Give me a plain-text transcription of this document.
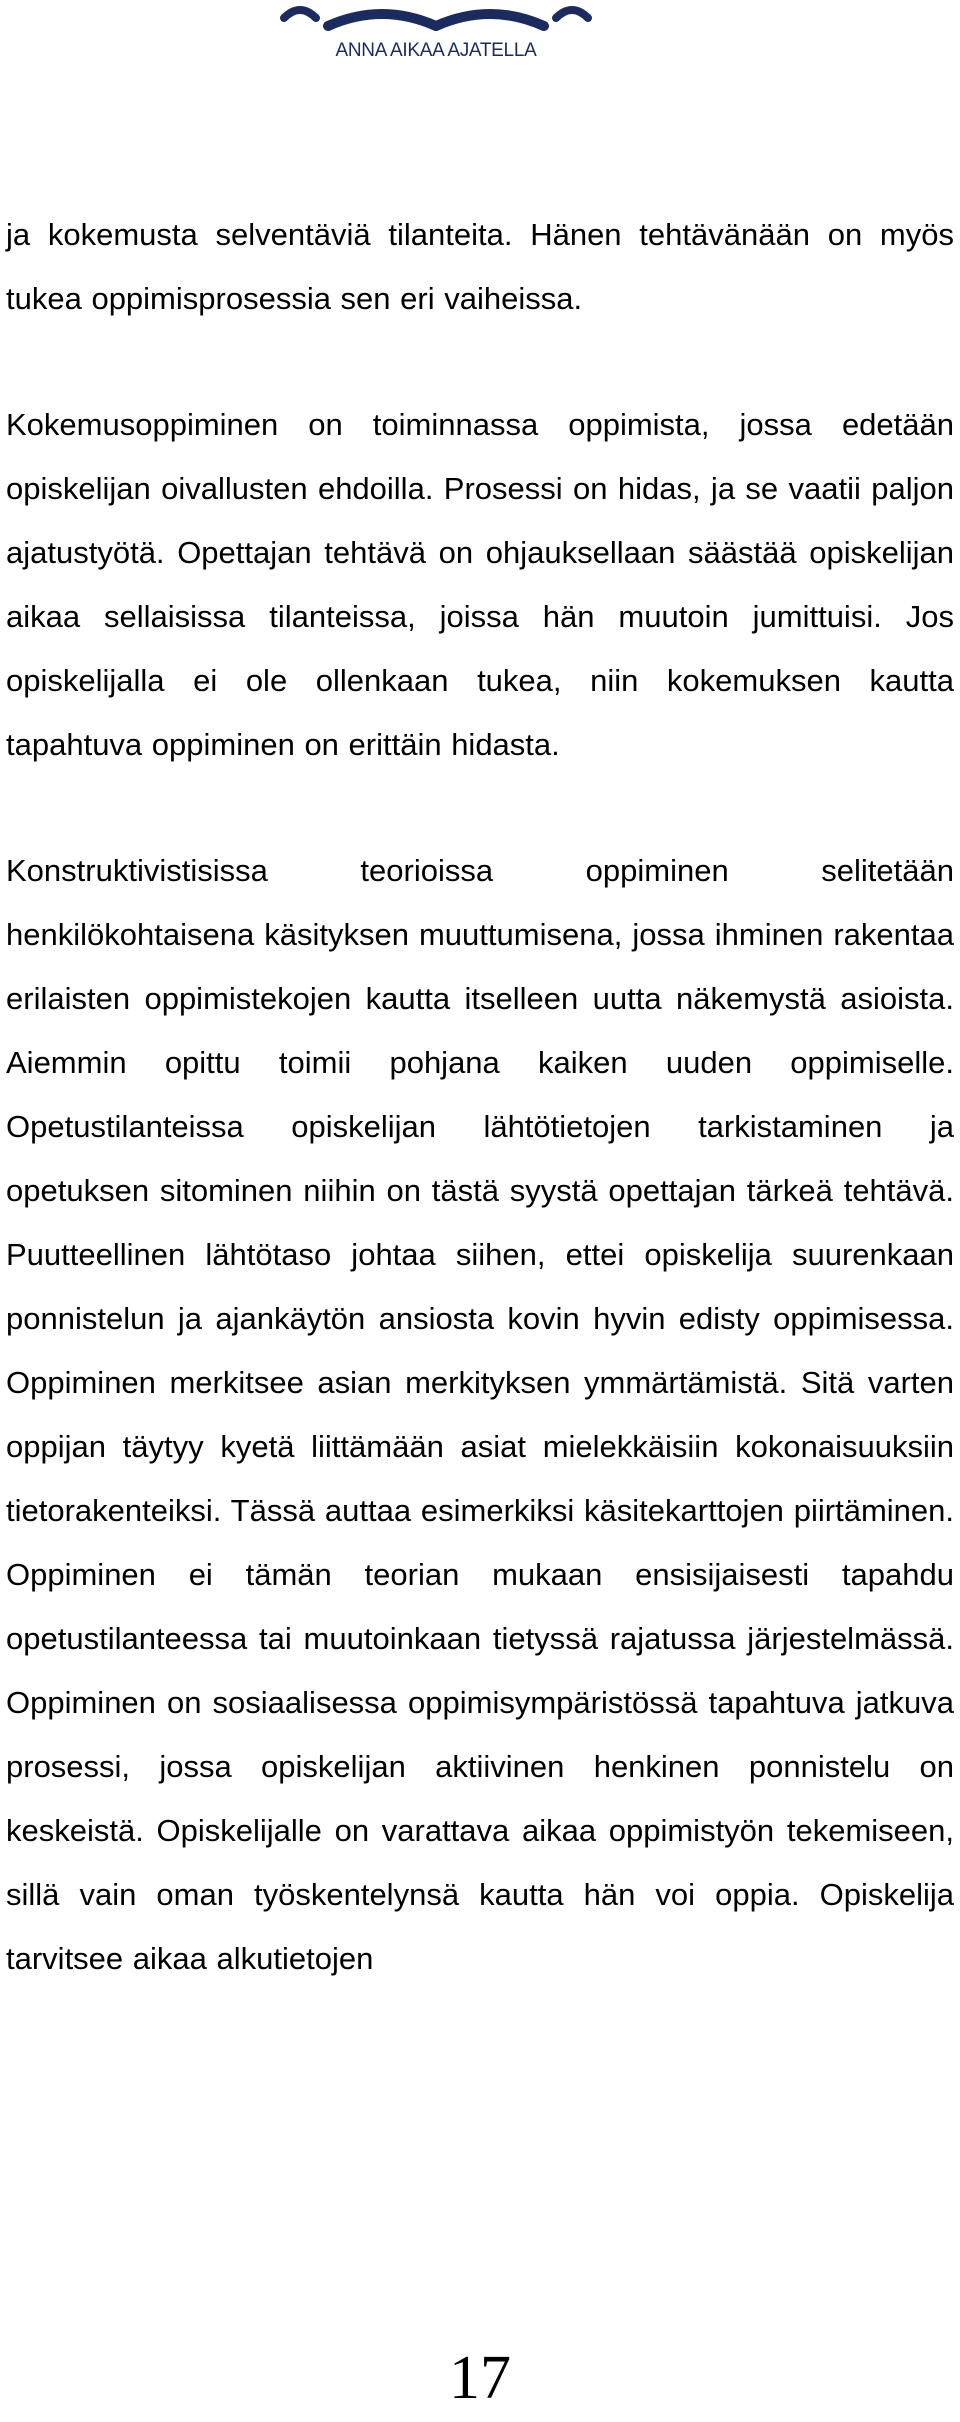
ANNA AIKAA AJATELLA

ja kokemusta selventäviä tilanteita. Hänen tehtävänään on myös tukea oppimisprosessia sen eri vaiheissa.

Kokemusoppiminen on toiminnassa oppimista, jossa edetään opiskelijan oivallusten ehdoilla. Prosessi on hidas, ja se vaatii paljon ajatustyötä. Opettajan tehtävä on ohjauksellaan säästää opiskelijan aikaa sellaisissa tilanteissa, joissa hän muutoin jumittuisi. Jos opiskelijalla ei ole ollenkaan tukea, niin kokemuksen kautta tapahtuva oppiminen on erittäin hidasta.

Konstruktivistisissa teorioissa oppiminen selitetään henkilökohtaisena käsityksen muuttumisena, jossa ihminen rakentaa erilaisten oppimistekojen kautta itselleen uutta näkemystä asioista. Aiemmin opittu toimii pohjana kaiken uuden oppimiselle. Opetustilanteissa opiskelijan lähtötietojen tarkistaminen ja opetuksen sitominen niihin on tästä syystä opettajan tärkeä tehtävä. Puutteellinen lähtötaso johtaa siihen, ettei opiskelija suurenkaan ponnistelun ja ajankäytön ansiosta kovin hyvin edisty oppimisessa. Oppiminen merkitsee asian merkityksen ymmärtämistä. Sitä varten oppijan täytyy kyetä liittämään asiat mielekkäisiin kokonaisuuksiin tietorakenteiksi. Tässä auttaa esimerkiksi käsitekarttojen piirtäminen. Oppiminen ei tämän teorian mukaan ensisijaisesti tapahdu opetustilanteessa tai muutoinkaan tietyssä rajatussa järjestelmässä. Oppiminen on sosiaalisessa oppimisympäristössä tapahtuva jatkuva prosessi, jossa opiskelijan aktiivinen henkinen ponnistelu on keskeistä. Opiskelijalle on varattava aikaa oppimistyön tekemiseen, sillä vain oman työskentelynsä kautta hän voi oppia. Opiskelija tarvitsee aikaa alkutietojen

17
